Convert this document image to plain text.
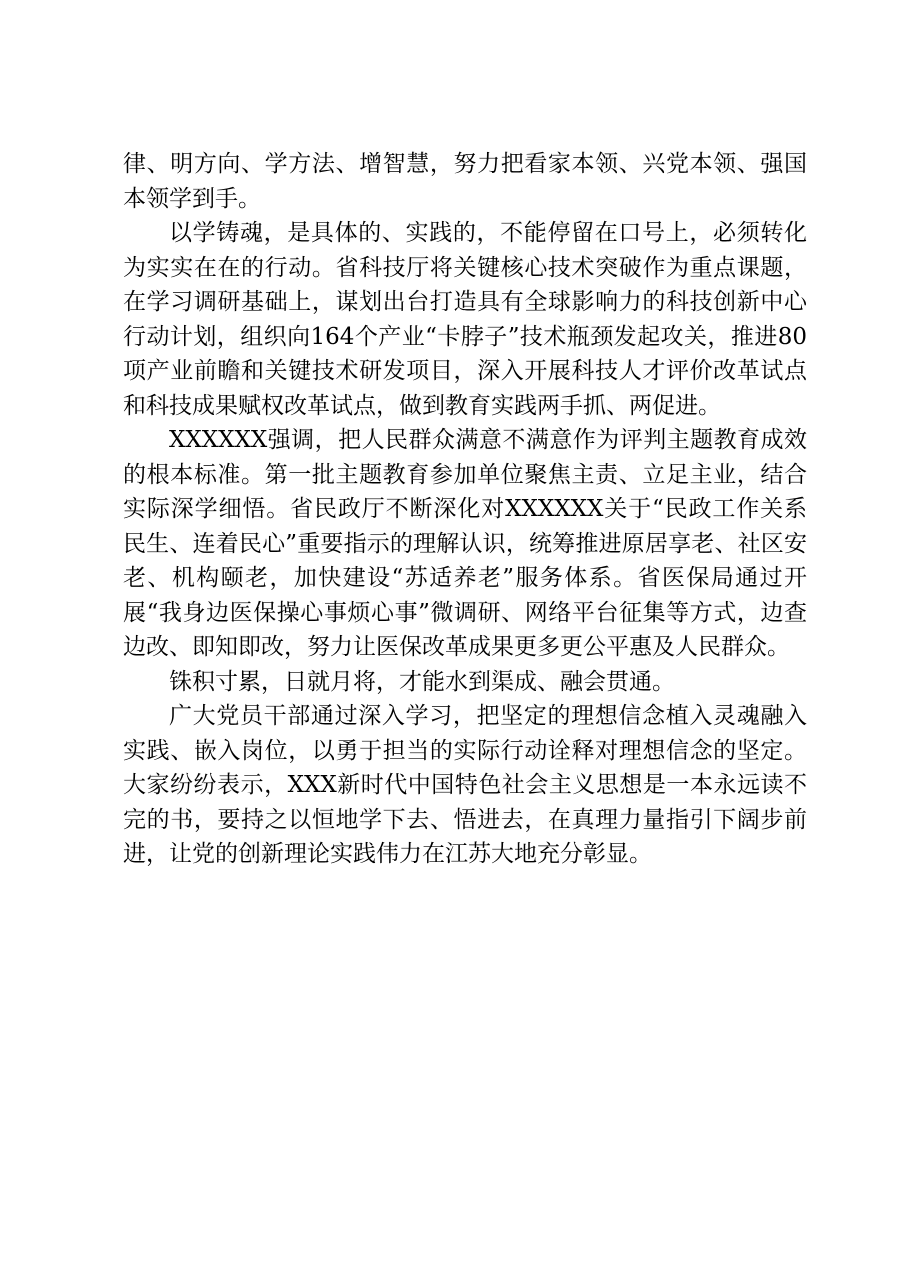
律、明方向、学方法、增智慧，努力把看家本领、兴党本领、强国本领学到手。

以学铸魂，是具体的、实践的，不能停留在口号上，必须转化为实实在在的行动。省科技厅将关键核心技术突破作为重点课题，在学习调研基础上，谋划出台打造具有全球影响力的科技创新中心行动计划，组织向164个产业“卡脖子”技术瓶颈发起攻关，推进80项产业前瞻和关键技术研发项目，深入开展科技人才评价改革试点和科技成果赋权改革试点，做到教育实践两手抓、两促进。

XXXXXX强调，把人民群众满意不满意作为评判主题教育成效的根本标准。第一批主题教育参加单位聚焦主责、立足主业，结合实际深学细悟。省民政厅不断深化对XXXXXX关于“民政工作关系民生、连着民心”重要指示的理解认识，统筹推进原居享老、社区安老、机构颐老，加快建设“苏适养老”服务体系。省医保局通过开展“我身边医保操心事烦心事”微调研、网络平台征集等方式，边查边改、即知即改，努力让医保改革成果更多更公平惠及人民群众。

铢积寸累，日就月将，才能水到渠成、融会贯通。

广大党员干部通过深入学习，把坚定的理想信念植入灵魂融入实践、嵌入岗位，以勇于担当的实际行动诠释对理想信念的坚定。大家纷纷表示，XXX新时代中国特色社会主义思想是一本永远读不完的书，要持之以恒地学下去、悟进去，在真理力量指引下阔步前进，让党的创新理论实践伟力在江苏大地充分彰显。
